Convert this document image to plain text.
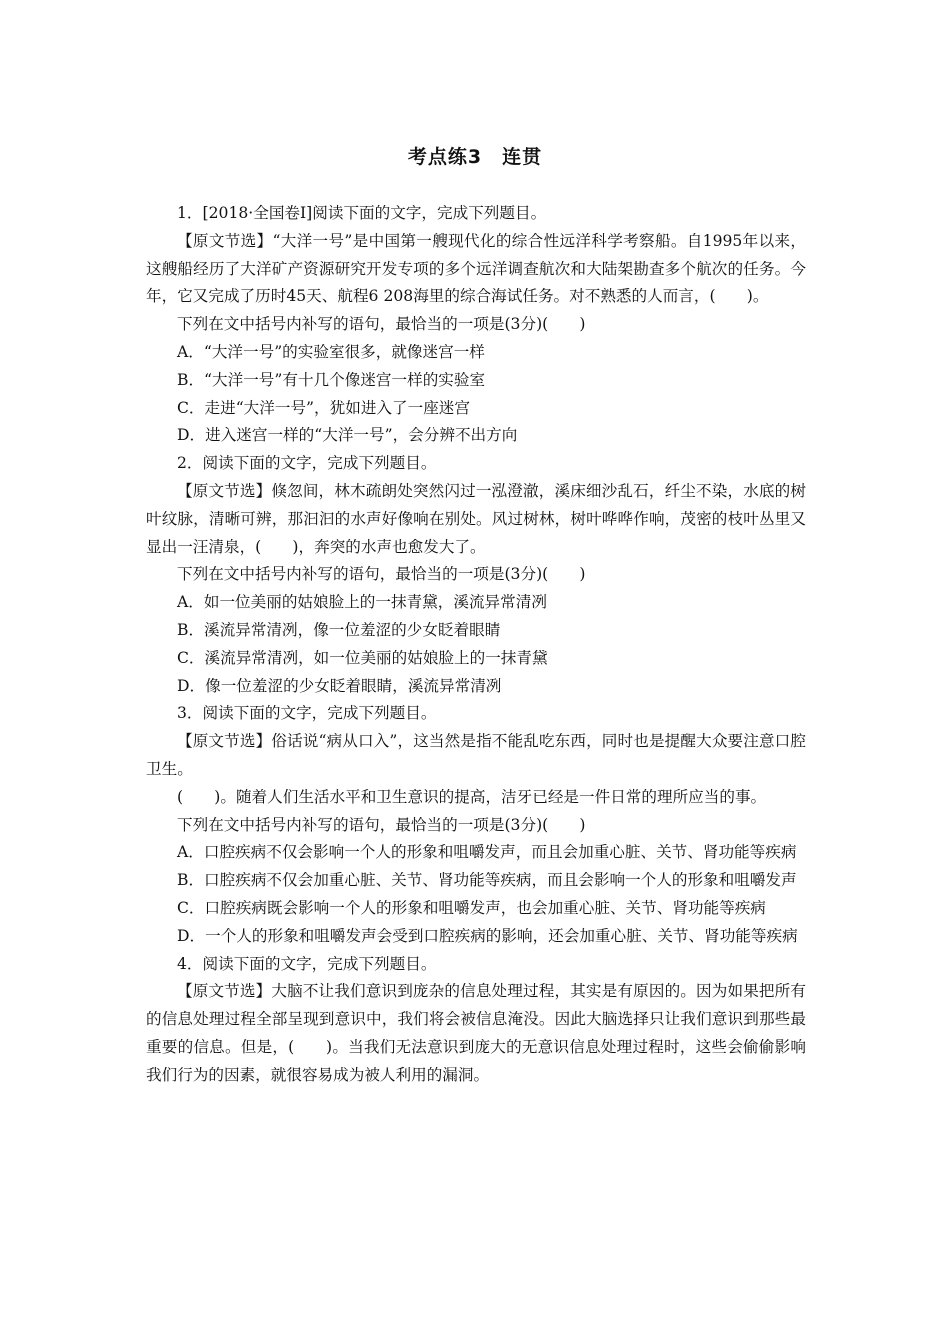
考点练3　连贯

1．[2018·全国卷Ⅰ]阅读下面的文字，完成下列题目。

【原文节选】“大洋一号”是中国第一艘现代化的综合性远洋科学考察船。自1995年以来，这艘船经历了大洋矿产资源研究开发专项的多个远洋调查航次和大陆架勘查多个航次的任务。今年，它又完成了历时45天、航程6 208海里的综合海试任务。对不熟悉的人而言，(　　)。

下列在文中括号内补写的语句，最恰当的一项是(3分)(　　)

A．“大洋一号”的实验室很多，就像迷宫一样

B．“大洋一号”有十几个像迷宫一样的实验室

C．走进“大洋一号”，犹如进入了一座迷宫

D．进入迷宫一样的“大洋一号”，会分辨不出方向

2．阅读下面的文字，完成下列题目。

【原文节选】倏忽间，林木疏朗处突然闪过一泓澄澈，溪床细沙乱石，纤尘不染，水底的树叶纹脉，清晰可辨，那汩汩的水声好像响在别处。风过树林，树叶哗哗作响，茂密的枝叶丛里又显出一汪清泉，(　　)，奔突的水声也愈发大了。

下列在文中括号内补写的语句，最恰当的一项是(3分)(　　)

A．如一位美丽的姑娘脸上的一抹青黛，溪流异常清冽

B．溪流异常清冽，像一位羞涩的少女眨着眼睛

C．溪流异常清冽，如一位美丽的姑娘脸上的一抹青黛

D．像一位羞涩的少女眨着眼睛，溪流异常清冽

3．阅读下面的文字，完成下列题目。

【原文节选】俗话说“病从口入”，这当然是指不能乱吃东西，同时也是提醒大众要注意口腔卫生。

(　　)。随着人们生活水平和卫生意识的提高，洁牙已经是一件日常的理所应当的事。

下列在文中括号内补写的语句，最恰当的一项是(3分)(　　)

A．口腔疾病不仅会影响一个人的形象和咀嚼发声，而且会加重心脏、关节、肾功能等疾病

B．口腔疾病不仅会加重心脏、关节、肾功能等疾病，而且会影响一个人的形象和咀嚼发声

C．口腔疾病既会影响一个人的形象和咀嚼发声，也会加重心脏、关节、肾功能等疾病

D．一个人的形象和咀嚼发声会受到口腔疾病的影响，还会加重心脏、关节、肾功能等疾病

4．阅读下面的文字，完成下列题目。

【原文节选】大脑不让我们意识到庞杂的信息处理过程，其实是有原因的。因为如果把所有的信息处理过程全部呈现到意识中，我们将会被信息淹没。因此大脑选择只让我们意识到那些最重要的信息。但是，(　　)。当我们无法意识到庞大的无意识信息处理过程时，这些会偷偷影响我们行为的因素，就很容易成为被人利用的漏洞。
